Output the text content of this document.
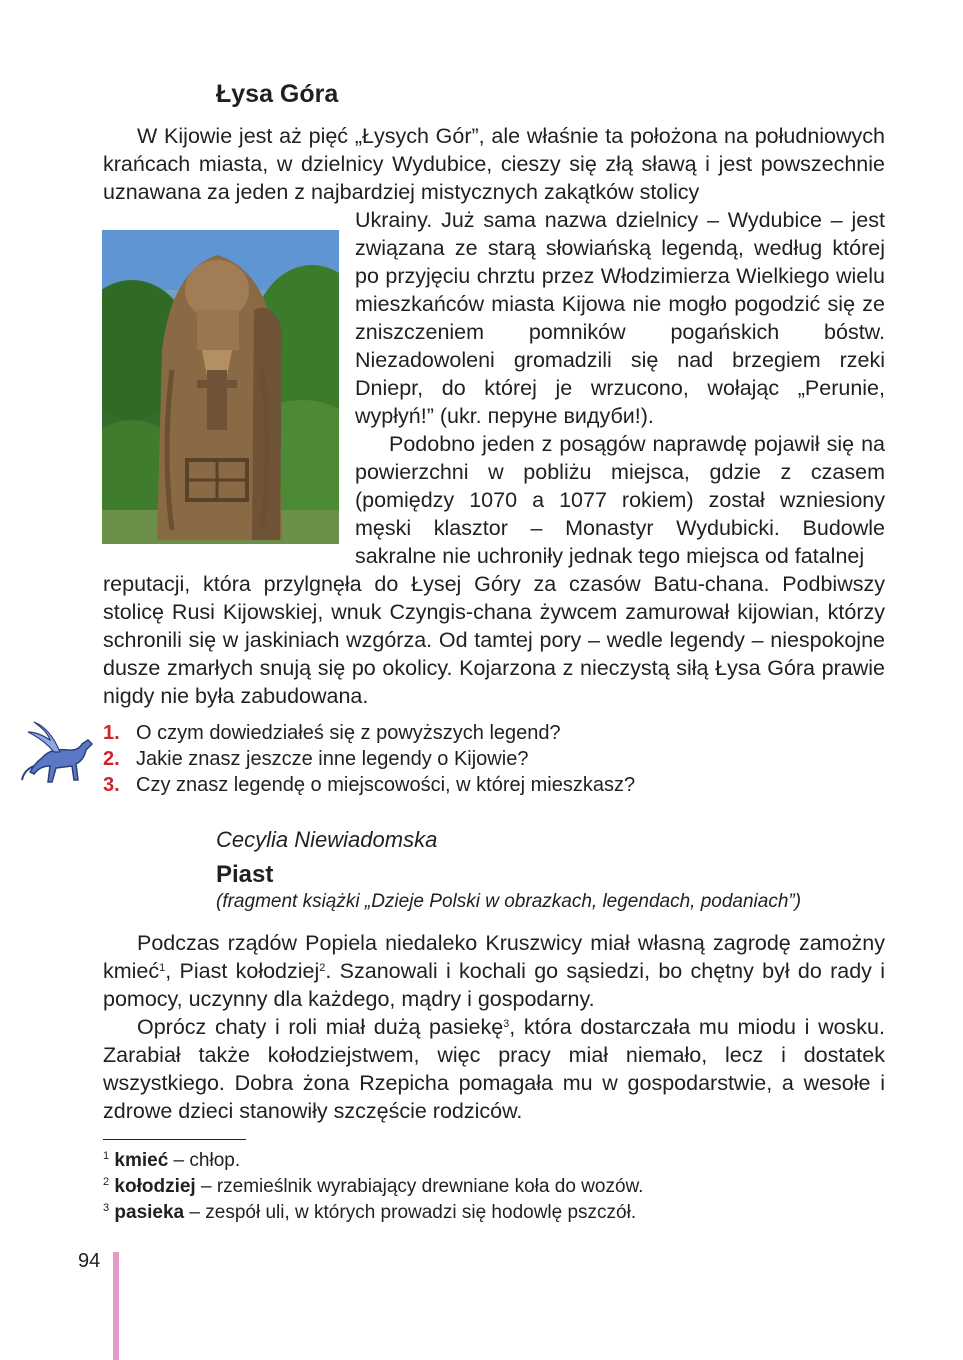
Łysa Góra

W Kijowie jest aż pięć „Łysych Gór”, ale właśnie ta położona na południowych krańcach miasta, w dzielnicy Wydubice, cieszy się złą sławą i jest powszechnie uznawana za jeden z najbardziej mistycznych zakątków stolicy

Ukrainy. Już sama nazwa dzielnicy – Wydubice – jest związana ze starą słowiańską legendą, według której po przyjęciu chrztu przez Włodzimierza Wielkiego wielu mieszkańców miasta Kijowa nie mogło pogodzić się ze zniszczeniem pomników pogańskich bóstw. Niezadowoleni gromadzili się nad brzegiem rzeki Dniepr, do której je wrzucono, wołając „Perunie, wypłyń!” (ukr. перуне видуби!).

Podobno jeden z posągów naprawdę pojawił się na powierzchni w pobliżu miejsca, gdzie z czasem (pomiędzy 1070 a 1077 rokiem) został wzniesiony męski klasztor – Monastyr Wydubicki. Budowle sakralne nie uchroniły jednak tego miejsca od fatalnej

reputacji, która przylgnęła do Łysej Góry za czasów Batu-chana. Podbiwszy stolicę Rusi Kijowskiej, wnuk Czyngis-chana żywcem zamurował kijowian, którzy schronili się w jaskiniach wzgórza. Od tamtej pory – wedle legendy – niespokojne dusze zmarłych snują się po okolicy. Kojarzona z nieczystą siłą Łysa Góra prawie nigdy nie była zabudowana.

1. O czym dowiedziałeś się z powyższych legend?
2. Jakie znasz jeszcze inne legendy o Kijowie?
3. Czy znasz legendę o miejscowości, w której mieszkasz?
Cecylia Niewiadomska
Piast
(fragment książki „Dzieje Polski w obrazkach, legendach, podaniach”)

Podczas rządów Popiela niedaleko Kruszwicy miał własną zagrodę zamożny kmieć$^1$, Piast kołodziej$^2$. Szanowali i kochali go sąsiedzi, bo chętny był do rady i pomocy, uczynny dla każdego, mądry i gospodarny.

Oprócz chaty i roli miał dużą pasiekę$^3$, która dostarczała mu miodu i wosku. Zarabiał także kołodziejstwem, więc pracy miał niemało, lecz i dostatek wszystkiego. Dobra żona Rzepicha pomagała mu w gospodarstwie, a wesołe i zdrowe dzieci stanowiły szczęście rodziców.

$^1$ kmieć – chłop.
$^2$ kołodziej – rzemieślnik wyrabiający drewniane koła do wozów.
$^3$ pasieka – zespół uli, w których prowadzi się hodowlę pszczół.
94
